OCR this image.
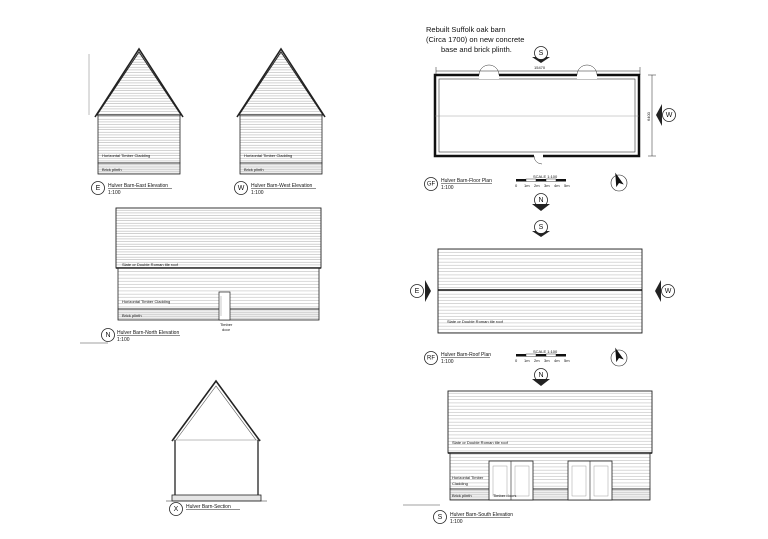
Horizontal Timber Cladding
Brick plinth
E Hulver Barn-East Elevation
1:100
Horizontal Timber Cladding
Brick plinth
W Hulver Barn-West Elevation
1:100
Slate or Double Roman tile roof
Horizontal Timber Cladding
Brick plinth
Timber
door
N Hulver Barn-North Elevation
1:100
X Hulver Barn-Section
Rebuilt Suffolk oak barn
(Circa 1700) on new concrete
base and brick plinth.	S
15470
6400 W
GF
Hulver Barn-Floor Plan
1:100
SCALE 1:100
0 1m 2m 3m 4m 5m
N
S
Slate or Double Roman tile roof
E	W
RF
Hulver Barn-Roof Plan
1:100
SCALE 1:100
0 1m 2m 3m 4m 5m
N
Slate or Double Roman tile roof
Horizontal Timber
Cladding
Brick plinth	Timber doors
S Hulver Barn-South Elevation
1:100
